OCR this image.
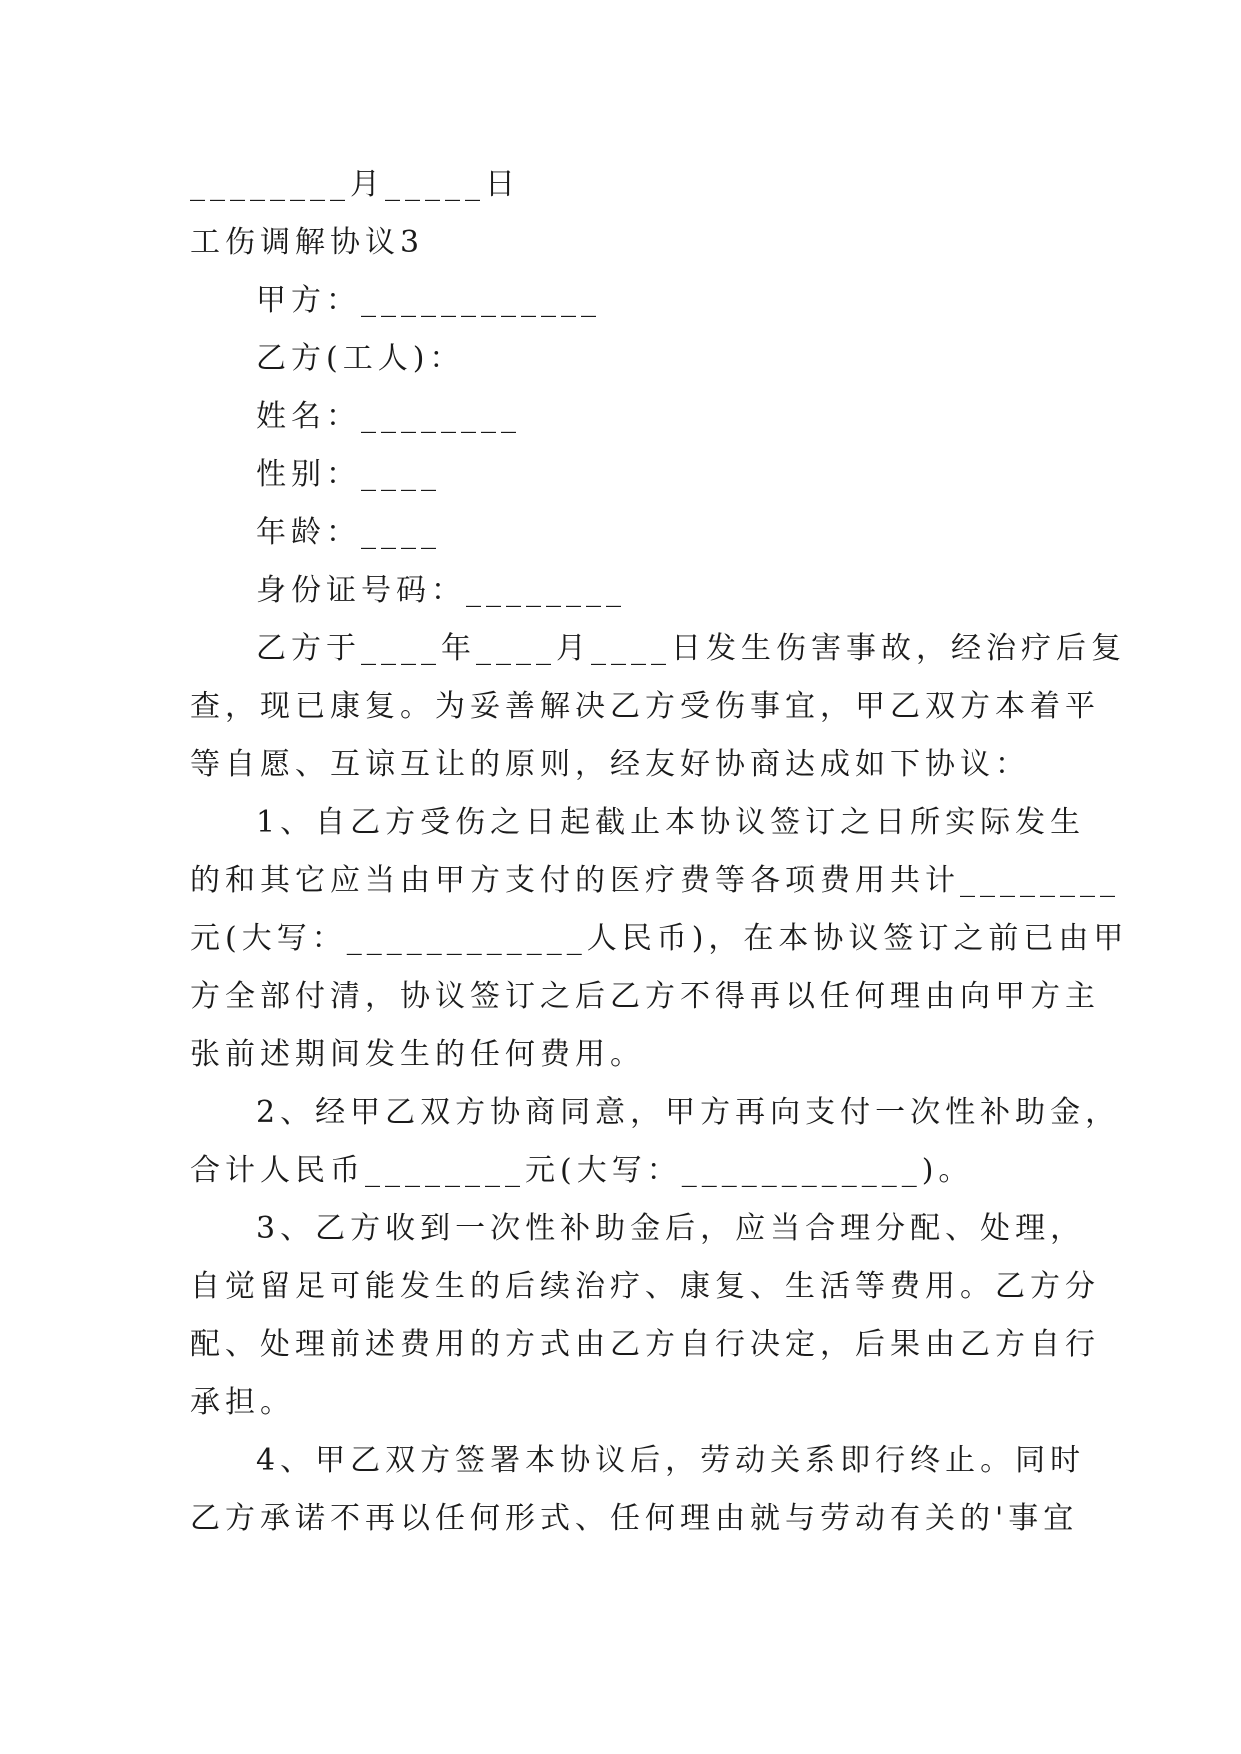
________月_____日
工伤调解协议3
甲方：____________
乙方(工人)：
姓名：________
性别：____
年龄：____
身份证号码：________
乙方于____年____月____日发生伤害事故，经治疗后复
查，现已康复。为妥善解决乙方受伤事宜，甲乙双方本着平
等自愿、互谅互让的原则，经友好协商达成如下协议：
1、自乙方受伤之日起截止本协议签订之日所实际发生
的和其它应当由甲方支付的医疗费等各项费用共计________
元(大写：____________人民币)，在本协议签订之前已由甲
方全部付清，协议签订之后乙方不得再以任何理由向甲方主
张前述期间发生的任何费用。
2、经甲乙双方协商同意，甲方再向支付一次性补助金，
合计人民币________元(大写：____________)。
3、乙方收到一次性补助金后，应当合理分配、处理，
自觉留足可能发生的后续治疗、康复、生活等费用。乙方分
配、处理前述费用的方式由乙方自行决定，后果由乙方自行
承担。
4、甲乙双方签署本协议后，劳动关系即行终止。同时
乙方承诺不再以任何形式、任何理由就与劳动有关的'事宜
